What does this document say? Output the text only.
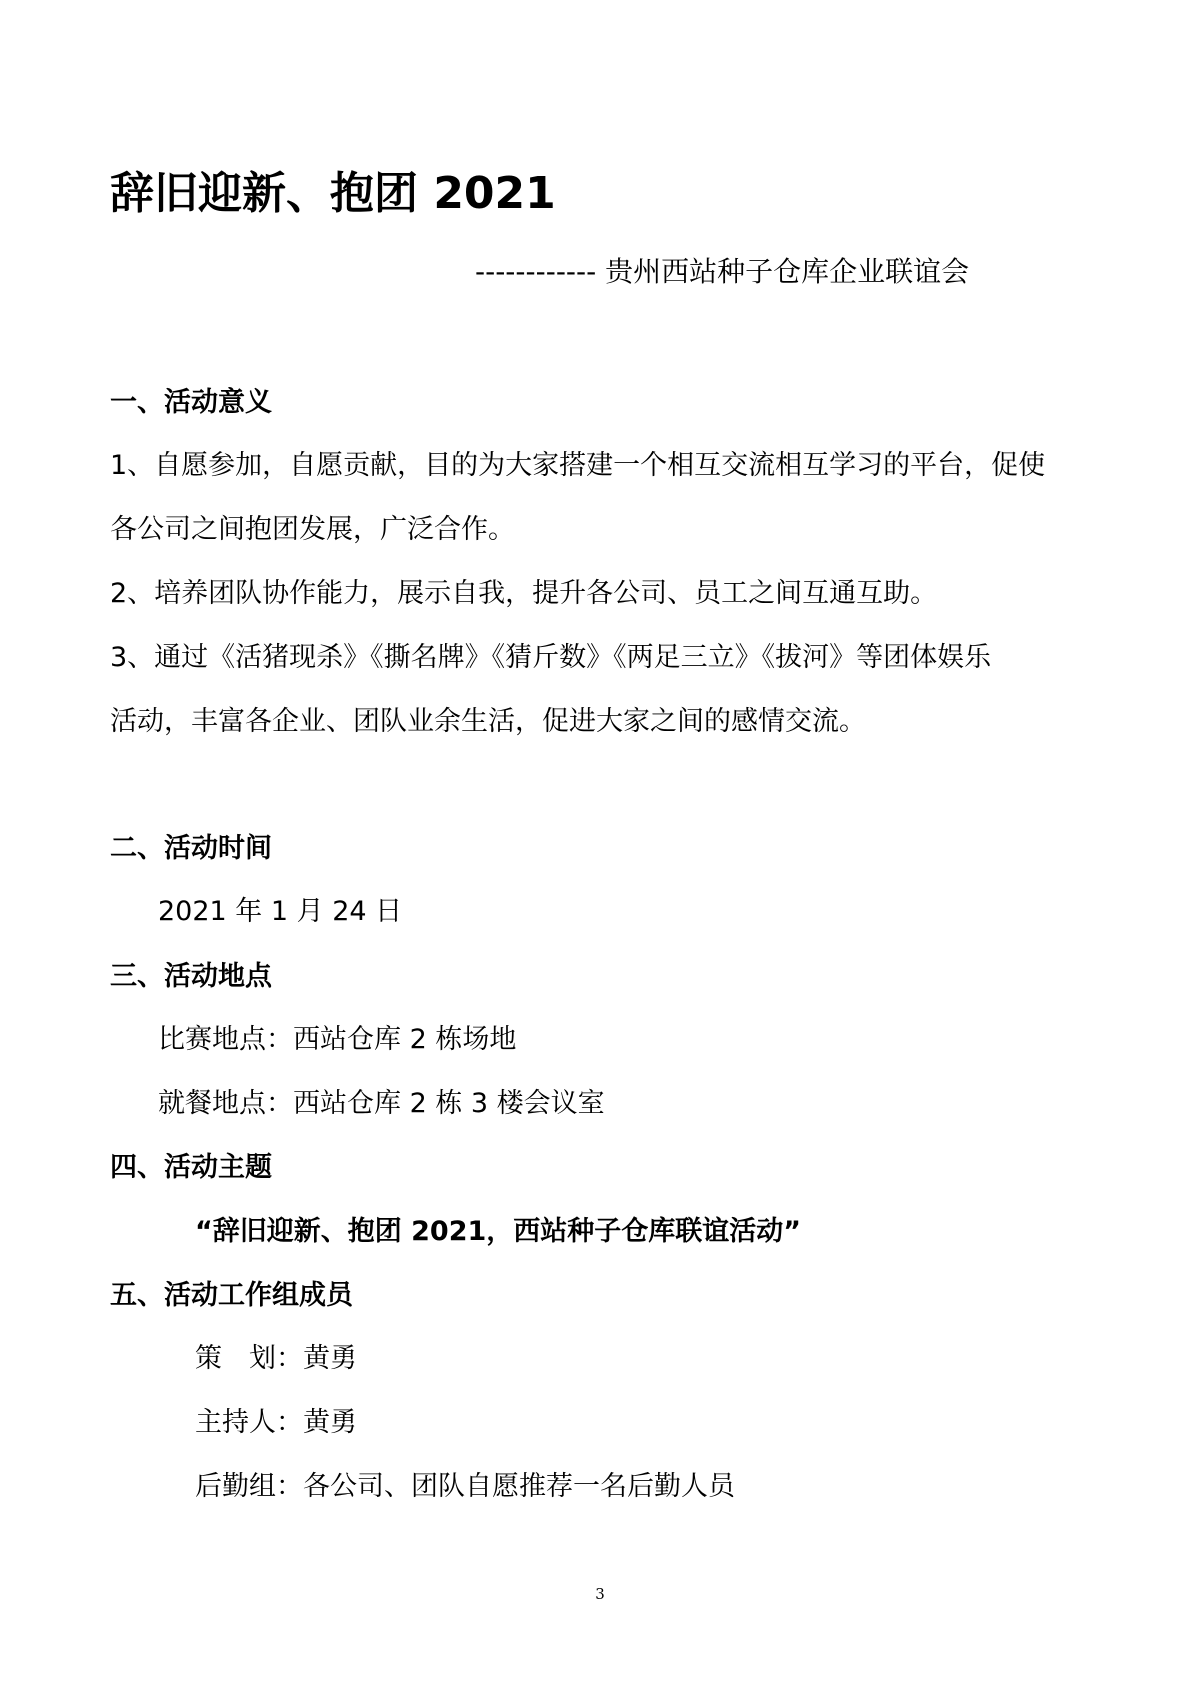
辞旧迎新、抱团 2021
------------ 贵州西站种子仓库企业联谊会
一、活动意义
1、自愿参加，自愿贡献，目的为大家搭建一个相互交流相互学习的平台，促使
各公司之间抱团发展，广泛合作。
2、培养团队协作能力，展示自我，提升各公司、员工之间互通互助。
3、通过《活猪现杀》《撕名牌》《猜斤数》《两足三立》《拔河》等团体娱乐
活动，丰富各企业、团队业余生活，促进大家之间的感情交流。
二、活动时间
2021 年 1 月 24 日
三、活动地点
比赛地点：西站仓库 2 栋场地
就餐地点：西站仓库 2 栋 3 楼会议室
四、活动主题
“辞旧迎新、抱团 2021，西站种子仓库联谊活动”
五、活动工作组成员
策　划：黄勇
主持人：黄勇
后勤组：各公司、团队自愿推荐一名后勤人员
3
